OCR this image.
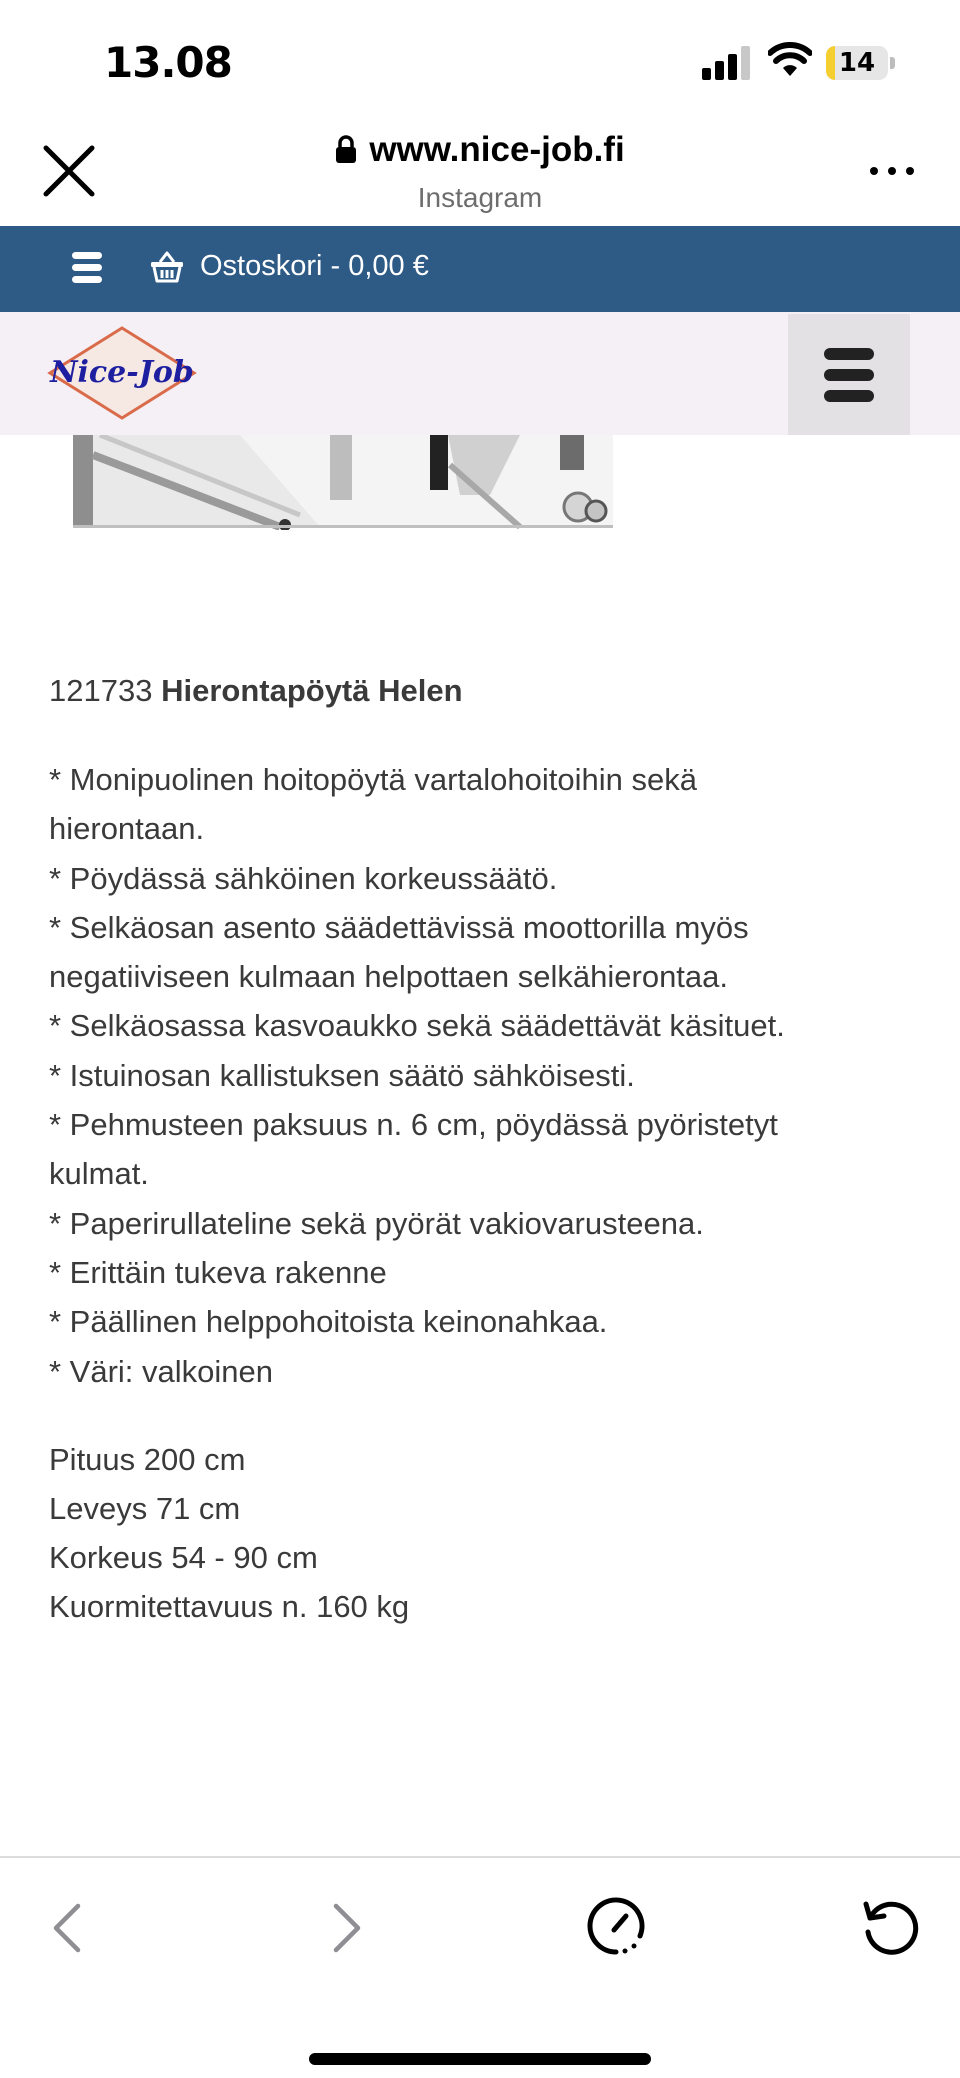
13.08	14
www.nice-job.fi
Instagram
Ostoskori - 0,00 €
Nice-Job
121733 Hierontapöytä Helen
* Monipuolinen hoitopöytä vartalohoitoihin sekä
hierontaan.
* Pöydässä sähköinen korkeussäätö.
* Selkäosan asento säädettävissä moottorilla myös
negatiiviseen kulmaan helpottaen selkähierontaa.
* Selkäosassa kasvoaukko sekä säädettävät käsituet.
* Istuinosan kallistuksen säätö sähköisesti.
* Pehmusteen paksuus n. 6 cm, pöydässä pyöristetyt
kulmat.
* Paperirullateline sekä pyörät vakiovarusteena.
* Erittäin tukeva rakenne
* Päällinen helppohoitoista keinonahkaa.
* Väri: valkoinen
Pituus 200 cm
Leveys 71 cm
Korkeus 54 - 90 cm
Kuormitettavuus n. 160 kg
